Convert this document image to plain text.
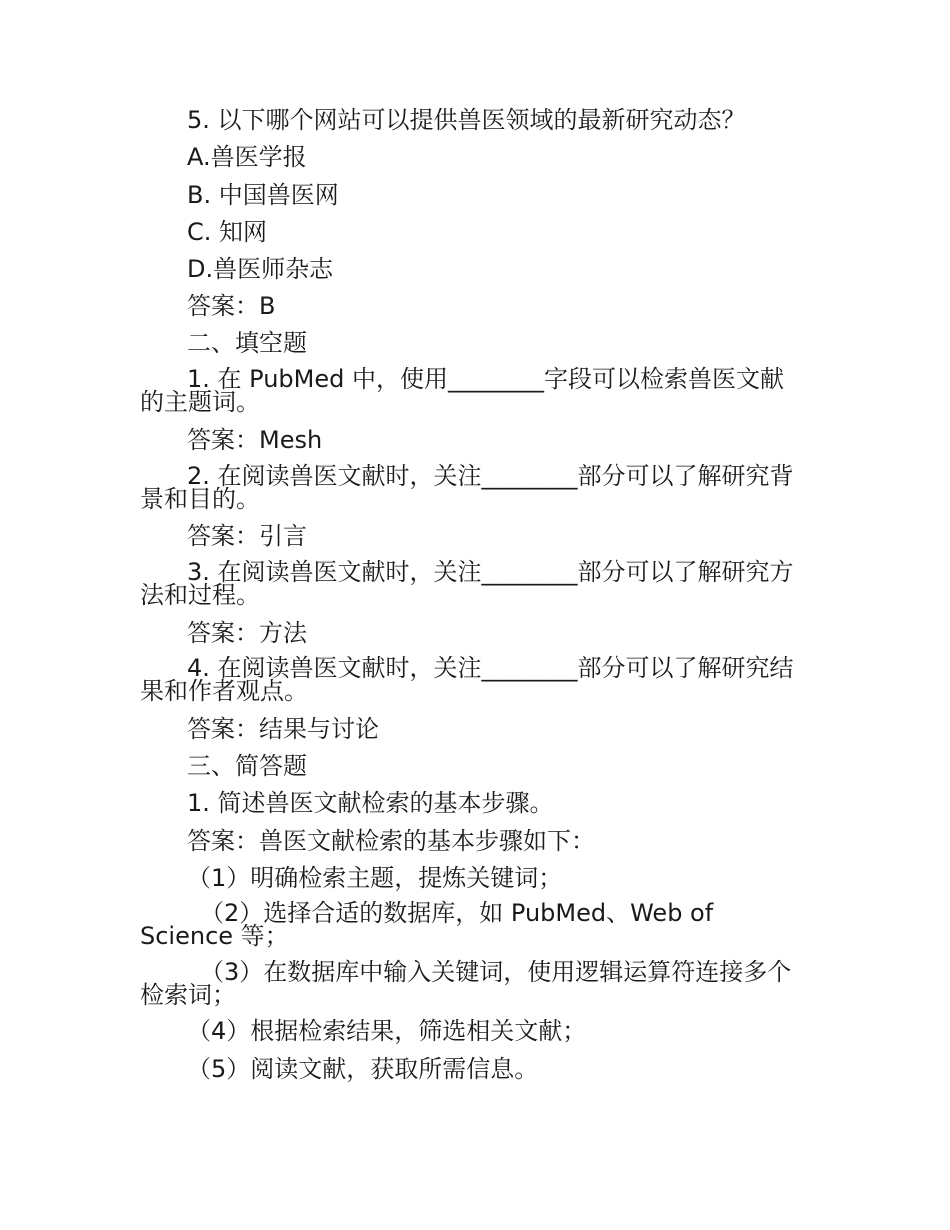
5. 以下哪个网站可以提供兽医领域的最新研究动态？
A.兽医学报
B. 中国兽医网
C. 知网
D.兽医师杂志
答案：B
二、填空题
1. 在 PubMed 中，使用________字段可以检索兽医文献
的主题词。
答案：Mesh
2. 在阅读兽医文献时，关注________部分可以了解研究背
景和目的。
答案：引言
3. 在阅读兽医文献时，关注________部分可以了解研究方
法和过程。
答案：方法
4. 在阅读兽医文献时，关注________部分可以了解研究结
果和作者观点。
答案：结果与讨论
三、简答题
1. 简述兽医文献检索的基本步骤。
答案：兽医文献检索的基本步骤如下：
（1）明确检索主题，提炼关键词；
（2）选择合适的数据库，如 PubMed、Web of
Science 等；
（3）在数据库中输入关键词，使用逻辑运算符连接多个
检索词；
（4）根据检索结果，筛选相关文献；
（5）阅读文献，获取所需信息。
